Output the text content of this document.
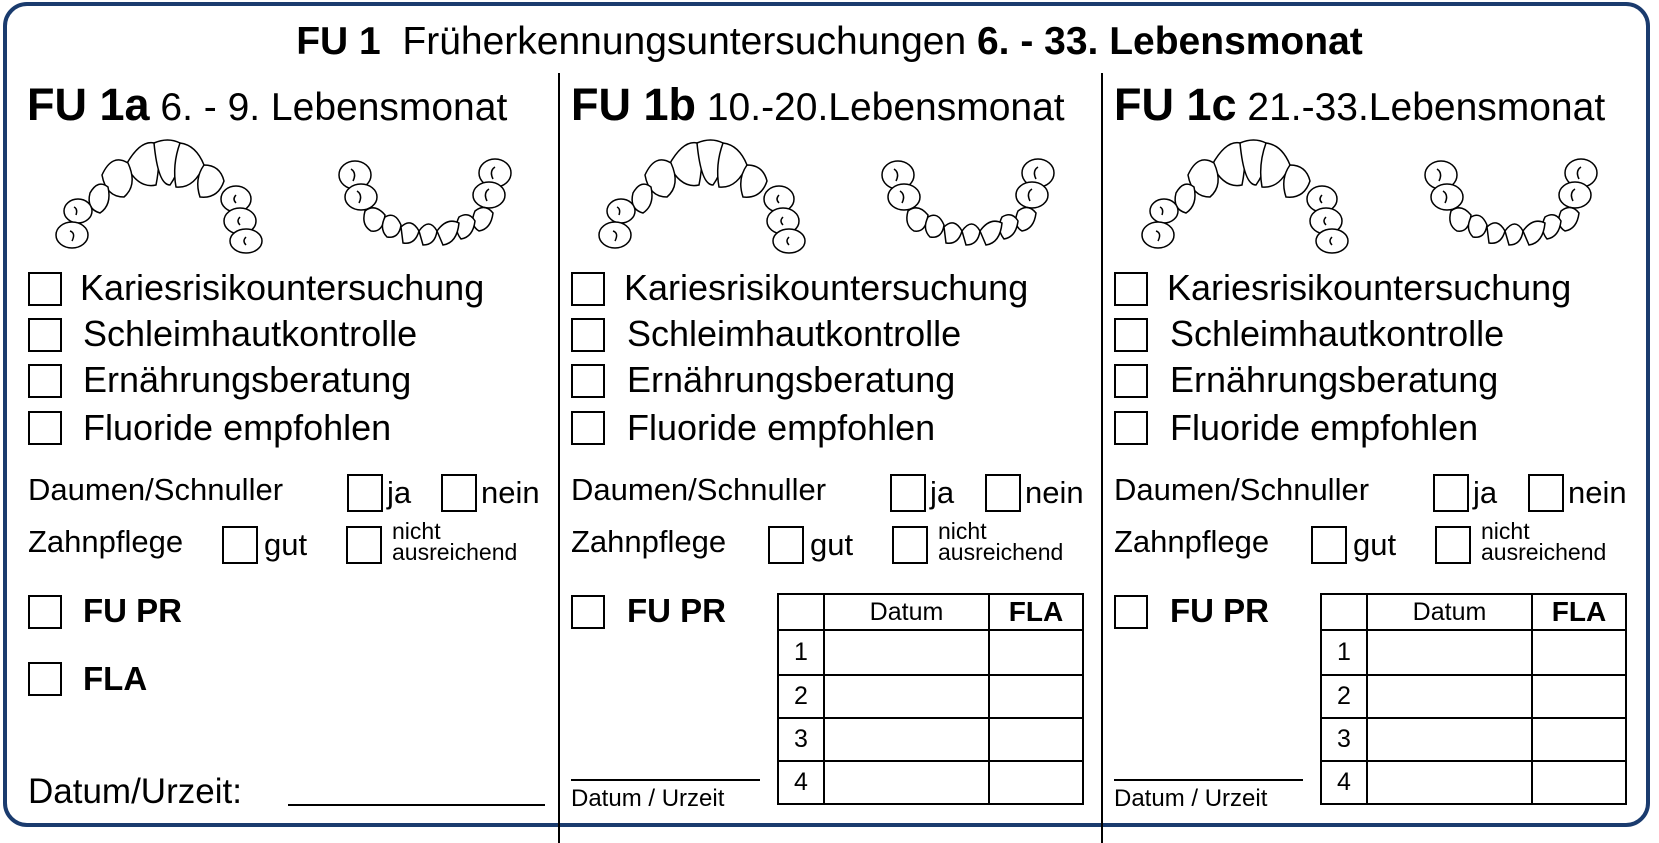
FU 1 Früherkennungsuntersuchungen 6. - 33. Lebensmonat
FU 1a 6. - 9. Lebensmonat
Kariesrisikountersuchung
Schleimhautkontrolle
Ernährungsberatung
Fluoride empfohlen
Daumen/Schnuller	ja nein
Zahnpflege	gut	nicht
ausreichend
FU PR
FLA
Datum/Urzeit:
FU 1b 10.-20.Lebensmonat
Kariesrisikountersuchung
Schleimhautkontrolle
Ernährungsberatung
Fluoride empfohlen
Daumen/Schnuller	ja nein
Zahnpflege	gut	nicht
ausreichend
FU PR
		Datum	FLA
1		
2		
3		
4		
Datum / Urzeit
FU 1c 21.-33.Lebensmonat
Kariesrisikountersuchung
Schleimhautkontrolle
Ernährungsberatung
Fluoride empfohlen
Daumen/Schnuller	ja nein
Zahnpflege	gut	nicht
ausreichend
FU PR
		Datum	FLA
1		
2		
3		
4		
Datum / Urzeit
